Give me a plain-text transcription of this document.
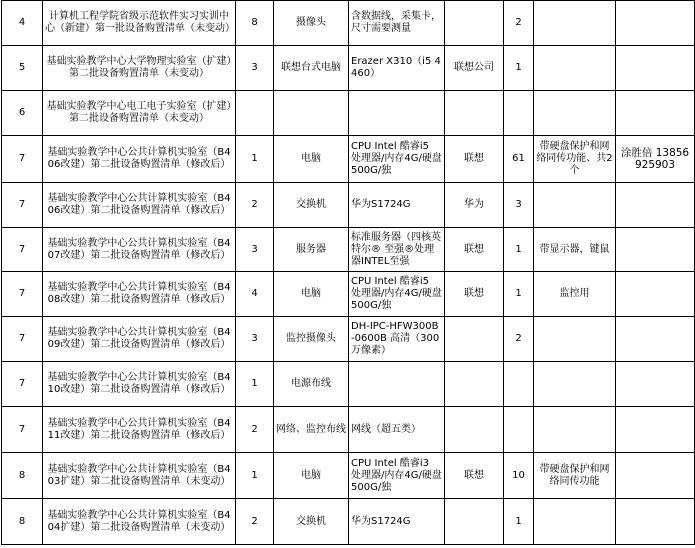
4	计算机工程学院省级示范软件实习实训中心（新建）第一批设备购置清单（未变动）	8	摄像头	含数据线，采集卡，尺寸需要测量		2		
5	基础实验教学中心大学物理实验室（扩建）第二批设备购置清单（未变动）	3	联想台式电脑	Erazer X310（i5 4460）	联想公司	1		
6	基础实验教学中心电工电子实验室（扩建）第二批设备购置清单（未变动）							
7	基础实验教学中心公共计算机实验室（B406改建）第二批设备购置清单（修改后）	1	电脑	CPU Intel 酷睿i5 处理器/内存4G/硬盘500G/独	联想	61	带硬盘保护和网络同传功能、共2个	涂胜倍 13856925903
7	基础实验教学中心公共计算机实验室（B406改建）第二批设备购置清单（修改后）	2	交换机	华为S1724G	华为	3		
7	基础实验教学中心公共计算机实验室（B407改建）第二批设备购置清单（修改后）	3	服务器	标准服务器（四核英特尔® 至强®处理器INTEL至强	联想	1	带显示器，键鼠	
7	基础实验教学中心公共计算机实验室（B408改建）第二批设备购置清单（修改后）	4	电脑	CPU Intel 酷睿i5 处理器/内存4G/硬盘500G/独	联想	1	监控用	
7	基础实验教学中心公共计算机实验室（B409改建）第二批设备购置清单（修改后）	3	监控摄像头	DH-IPC-HFW300B-0600B 高清（300万像素）		2		
7	基础实验教学中心公共计算机实验室（B410改建）第二批设备购置清单（修改后）	1	电源布线					
7	基础实验教学中心公共计算机实验室（B411改建）第二批设备购置清单（修改后）	2	网络、监控布线	网线（超五类）				
8	基础实验教学中心公共计算机实验室（B403扩建）第二批设备购置清单（未变动）	1	电脑	CPU Intel 酷睿i3 处理器/内存4G/硬盘500G/独	联想	10	带硬盘保护和网络同传功能	
8	基础实验教学中心公共计算机实验室（B404扩建）第二批设备购置清单（未变动）	2	交换机	华为S1724G		1		
